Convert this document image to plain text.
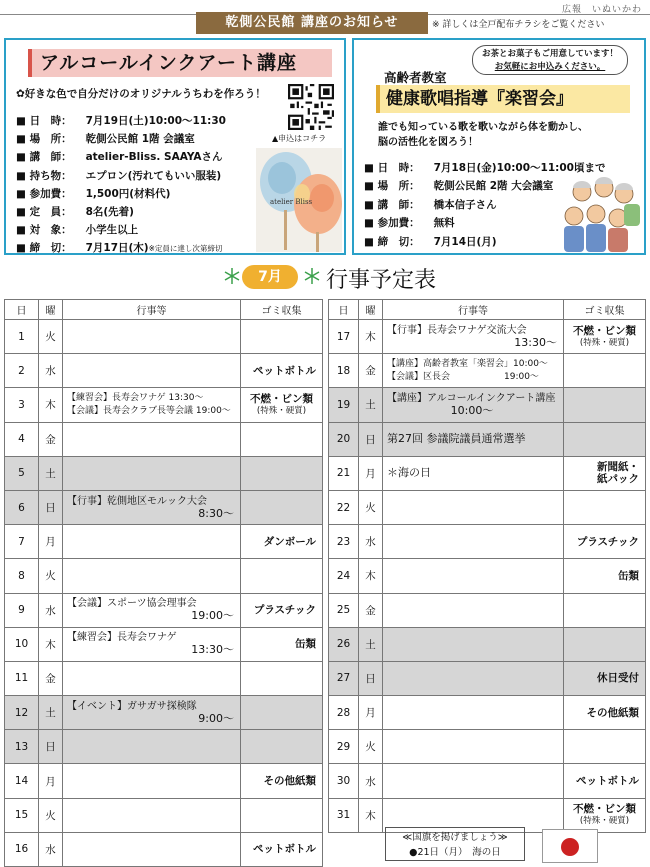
広報　いぬいかわ
乾側公民館 講座のお知らせ	※ 詳しくは全戸配布チラシをご覧ください
アルコールインクアート講座
✿好きな色で自分だけのオリジナルうちわを作ろう！
■ 日　時： 7月19日(土)10:00～11:30
■ 場　所： 乾側公民館 1階 会議室
■ 講　師： atelier-Bliss. SAAYAさん
■ 持ち物： エプロン(汚れてもいい服装)
■ 参加費： 1,500円(材料代)
■ 定　員： 8名(先着)
■ 対　象： 小学生以上
■ 締　切： 7月17日(木)※定員に達し次第締切
▲申込はコチラ
atelier Bliss
お茶とお菓子もご用意しています！
お気軽にお申込みください。
高齢者教室
健康歌唱指導『楽習会』
誰でも知っている歌を歌いながら体を動かし、
脳の活性化を図ろう！
■ 日　時： 7月18日(金)10:00～11:00頃まで
■ 場　所： 乾側公民館 2階 大会議室
■ 講　師： 橋本信子さん
■ 参加費： 無料
■ 締　切： 7月14日(月)
7月	行事予定表
日	曜	行事等	ゴミ収集
1	火		
2	水		ペットボトル
3	木	【練習会】長寿会ワナゲ 13:30～
【会議】長寿会クラブ長等会議 19:00～	不燃・ビン類
(特殊・硬質)

4	金		
5	土		
6	日	【行事】乾側地区モルック大会
8:30～	

7	月		ダンボール
8	火		
9	水	【会議】スポーツ協会理事会
19:00～	プラスチック
10	木	【練習会】長寿会ワナゲ
13:30～	缶類
11	金		
12	土	【イベント】ガサガサ探検隊
9:00～	

13	日		
14	月		その他紙類
15	火		
16	水		ペットボトル
日	曜	行事等	ゴミ収集
17	木	【行事】長寿会ワナゲ交流大会
13:30～	不燃・ビン類
(特殊・硬質)

18	金	【講座】高齢者教室「楽習会」10:00～
【会議】区長会　　　　　　19:00～	

19	土	【講座】アルコールインクアート講座
10:00～	

20	日	第27回 参議院議員通常選挙	
21	月	＊海の日	新聞紙・
紙パック
22	火		
23	水		プラスチック
24	木		缶類
25	金		
26	土		
27	日		休日受付
28	月		その他紙類
29	火		
30	水		ペットボトル
31	木		不燃・ビン類
(特殊・硬質)
≪国旗を掲げましょう≫
●21日（月）　海の日
